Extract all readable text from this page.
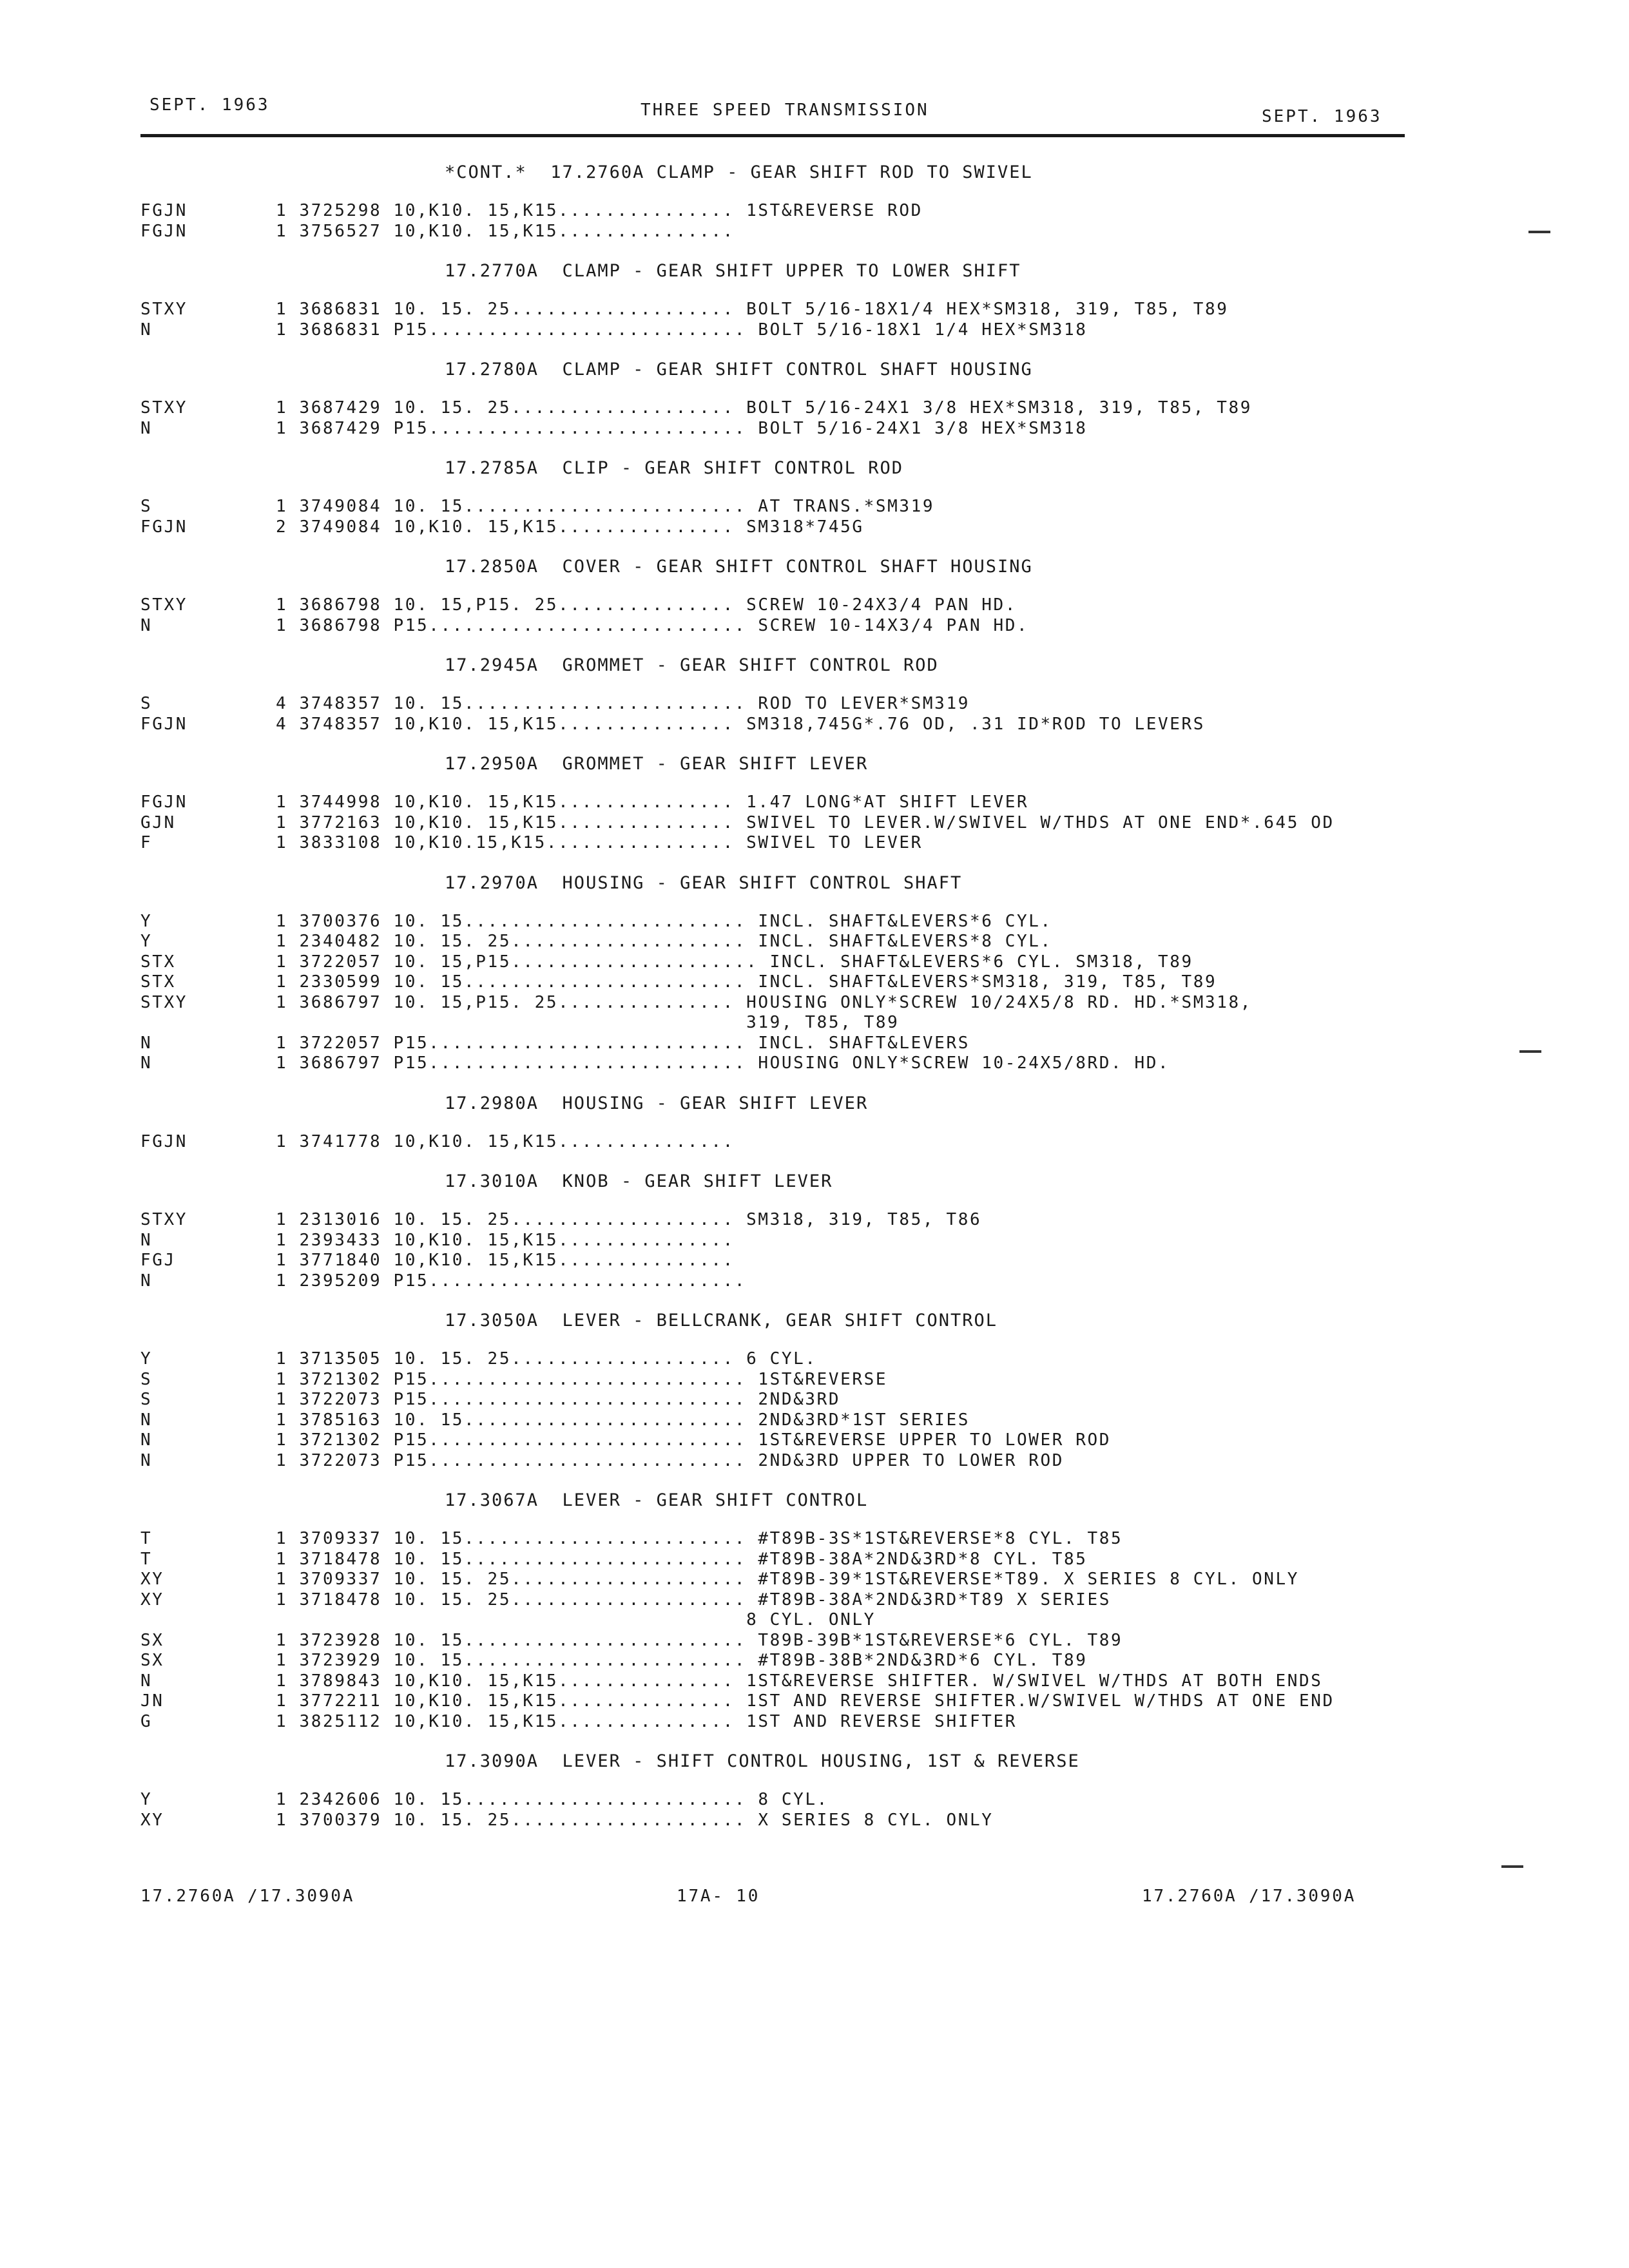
SEPT. 1963	THREE SPEED TRANSMISSION	SEPT. 1963
*CONT.*  17.2760A CLAMP - GEAR SHIFT ROD TO SWIVEL
FGJN	1 3725298 10,K10. 15,K15............... 1ST&REVERSE ROD
FGJN	1 3756527 10,K10. 15,K15...............
17.2770A  CLAMP - GEAR SHIFT UPPER TO LOWER SHIFT
STXY	1 3686831 10. 15. 25................... BOLT 5/16-18X1/4 HEX*SM318, 319, T85, T89
N	1 3686831 P15........................... BOLT 5/16-18X1 1/4 HEX*SM318
17.2780A  CLAMP - GEAR SHIFT CONTROL SHAFT HOUSING
STXY	1 3687429 10. 15. 25................... BOLT 5/16-24X1 3/8 HEX*SM318, 319, T85, T89
N	1 3687429 P15........................... BOLT 5/16-24X1 3/8 HEX*SM318
17.2785A  CLIP - GEAR SHIFT CONTROL ROD
S	1 3749084 10. 15........................ AT TRANS.*SM319
FGJN	2 3749084 10,K10. 15,K15............... SM318*745G
17.2850A  COVER - GEAR SHIFT CONTROL SHAFT HOUSING
STXY	1 3686798 10. 15,P15. 25............... SCREW 10-24X3/4 PAN HD.
N	1 3686798 P15........................... SCREW 10-14X3/4 PAN HD.
17.2945A  GROMMET - GEAR SHIFT CONTROL ROD
S	4 3748357 10. 15........................ ROD TO LEVER*SM319
FGJN	4 3748357 10,K10. 15,K15............... SM318,745G*.76 OD, .31 ID*ROD TO LEVERS
17.2950A  GROMMET - GEAR SHIFT LEVER
FGJN	1 3744998 10,K10. 15,K15............... 1.47 LONG*AT SHIFT LEVER
GJN	1 3772163 10,K10. 15,K15............... SWIVEL TO LEVER.W/SWIVEL W/THDS AT ONE END*.645 OD
F	1 3833108 10,K10.15,K15................ SWIVEL TO LEVER
17.2970A  HOUSING - GEAR SHIFT CONTROL SHAFT
Y	1 3700376 10. 15........................ INCL. SHAFT&LEVERS*6 CYL.
Y	1 2340482 10. 15. 25.................... INCL. SHAFT&LEVERS*8 CYL.
STX	1 3722057 10. 15,P15..................... INCL. SHAFT&LEVERS*6 CYL. SM318, T89
STX	1 2330599 10. 15........................ INCL. SHAFT&LEVERS*SM318, 319, T85, T89
STXY	1 3686797 10. 15,P15. 25............... HOUSING ONLY*SCREW 10/24X5/8 RD. HD.*SM318,
319, T85, T89
N	1 3722057 P15........................... INCL. SHAFT&LEVERS
N	1 3686797 P15........................... HOUSING ONLY*SCREW 10-24X5/8RD. HD.
17.2980A  HOUSING - GEAR SHIFT LEVER
FGJN	1 3741778 10,K10. 15,K15...............
17.3010A  KNOB - GEAR SHIFT LEVER
STXY	1 2313016 10. 15. 25................... SM318, 319, T85, T86
N	1 2393433 10,K10. 15,K15...............
FGJ	1 3771840 10,K10. 15,K15...............
N	1 2395209 P15...........................
17.3050A  LEVER - BELLCRANK, GEAR SHIFT CONTROL
Y	1 3713505 10. 15. 25................... 6 CYL.
S	1 3721302 P15........................... 1ST&REVERSE
S	1 3722073 P15........................... 2ND&3RD
N	1 3785163 10. 15........................ 2ND&3RD*1ST SERIES
N	1 3721302 P15........................... 1ST&REVERSE UPPER TO LOWER ROD
N	1 3722073 P15........................... 2ND&3RD UPPER TO LOWER ROD
17.3067A  LEVER - GEAR SHIFT CONTROL
T	1 3709337 10. 15........................ #T89B-3S*1ST&REVERSE*8 CYL. T85
T	1 3718478 10. 15........................ #T89B-38A*2ND&3RD*8 CYL. T85
XY	1 3709337 10. 15. 25.................... #T89B-39*1ST&REVERSE*T89. X SERIES 8 CYL. ONLY
XY	1 3718478 10. 15. 25.................... #T89B-38A*2ND&3RD*T89 X SERIES
8 CYL. ONLY
SX	1 3723928 10. 15........................ T89B-39B*1ST&REVERSE*6 CYL. T89
SX	1 3723929 10. 15........................ #T89B-38B*2ND&3RD*6 CYL. T89
N	1 3789843 10,K10. 15,K15............... 1ST&REVERSE SHIFTER. W/SWIVEL W/THDS AT BOTH ENDS
JN	1 3772211 10,K10. 15,K15............... 1ST AND REVERSE SHIFTER.W/SWIVEL W/THDS AT ONE END
G	1 3825112 10,K10. 15,K15............... 1ST AND REVERSE SHIFTER
17.3090A  LEVER - SHIFT CONTROL HOUSING, 1ST & REVERSE
Y	1 2342606 10. 15........................ 8 CYL.
XY	1 3700379 10. 15. 25.................... X SERIES 8 CYL. ONLY
17.2760A /17.3090A	17A- 10	17.2760A /17.3090A
